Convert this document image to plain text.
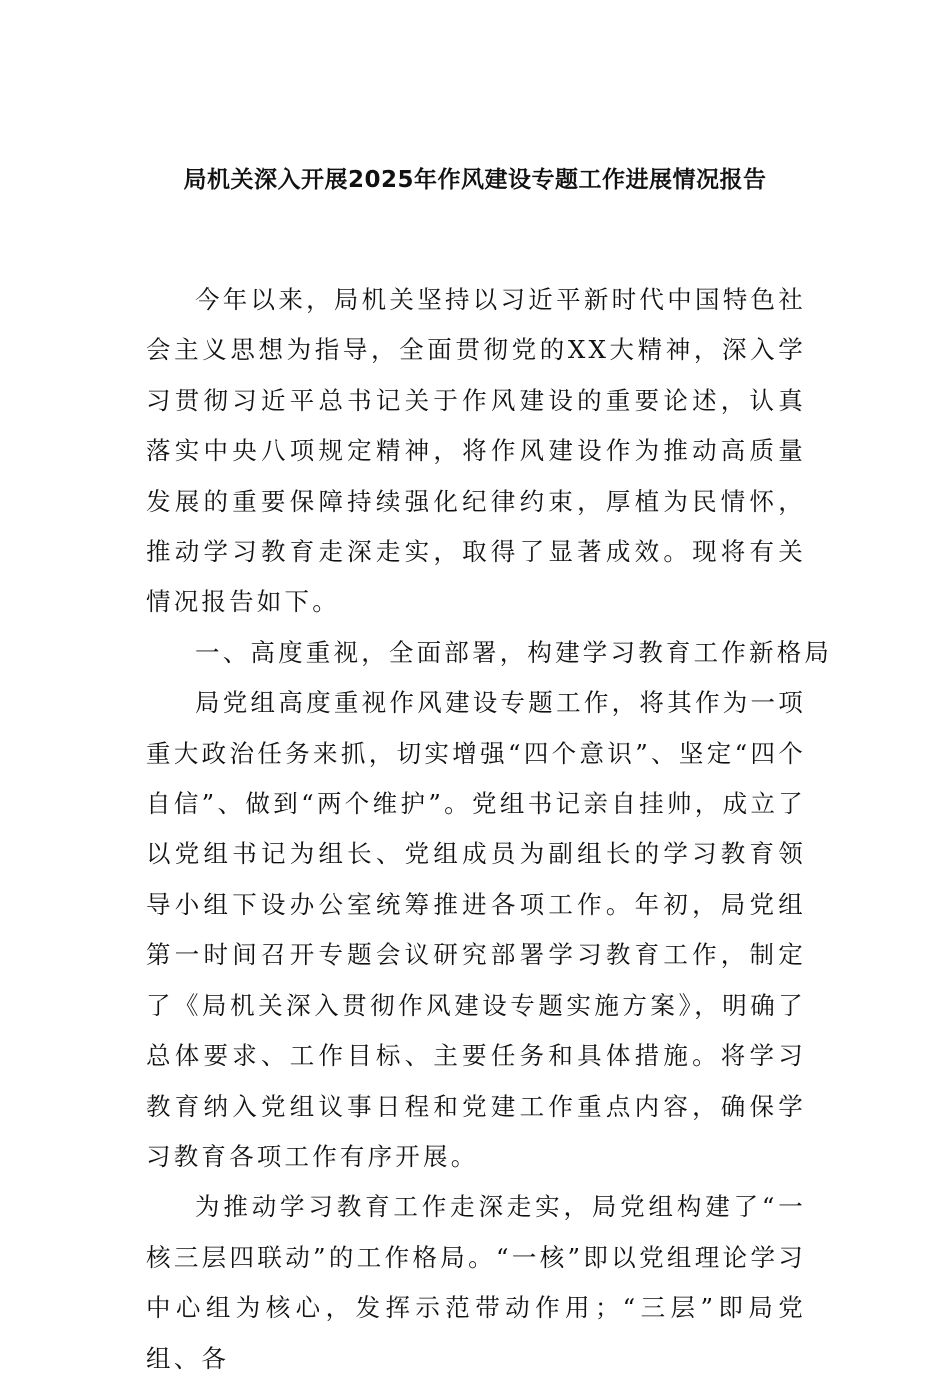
局机关深入开展2025年作风建设专题工作进展情况报告

今年以来，局机关坚持以习近平新时代中国特色社会主义思想为指导，全面贯彻党的XX大精神，深入学习贯彻习近平总书记关于作风建设的重要论述，认真落实中央八项规定精神，将作风建设作为推动高质量发展的重要保障持续强化纪律约束，厚植为民情怀，推动学习教育走深走实，取得了显著成效。现将有关情况报告如下。

一、高度重视，全面部署，构建学习教育工作新格局

局党组高度重视作风建设专题工作，将其作为一项重大政治任务来抓，切实增强“四个意识”、坚定“四个自信”、做到“两个维护”。党组书记亲自挂帅，成立了以党组书记为组长、党组成员为副组长的学习教育领导小组下设办公室统筹推进各项工作。年初，局党组第一时间召开专题会议研究部署学习教育工作，制定了《局机关深入贯彻作风建设专题实施方案》，明确了总体要求、工作目标、主要任务和具体措施。将学习教育纳入党组议事日程和党建工作重点内容，确保学习教育各项工作有序开展。

为推动学习教育工作走深走实，局党组构建了“一核三层四联动”的工作格局。“一核”即以党组理论学习中心组为核心，发挥示范带动作用；“三层”即局党组、各
